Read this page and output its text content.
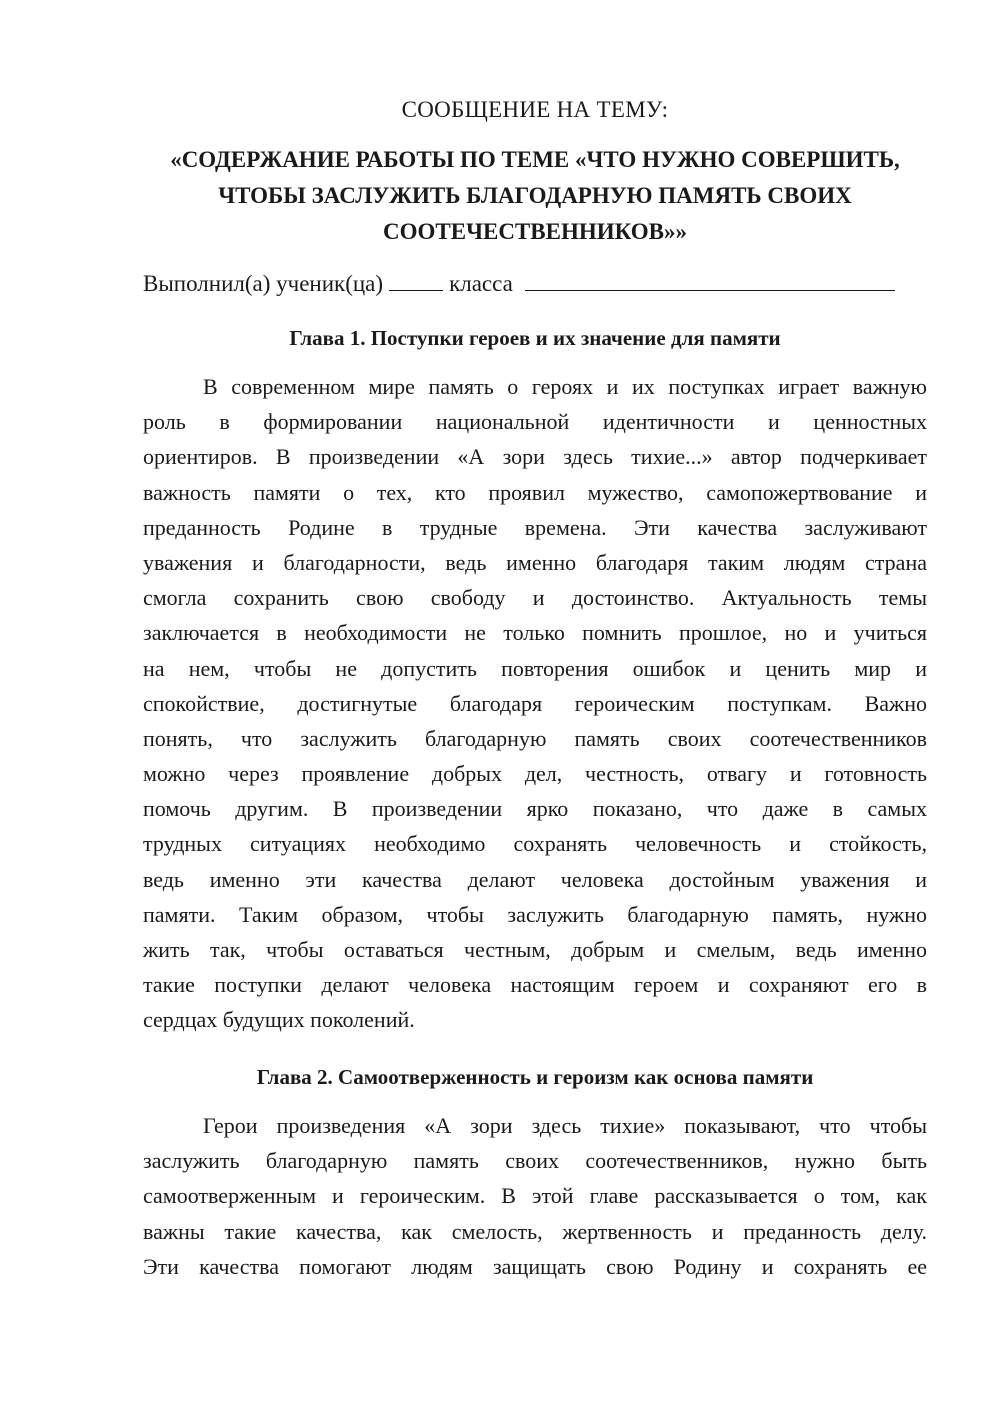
СООБЩЕНИЕ НА ТЕМУ:
«СОДЕРЖАНИЕ РАБОТЫ ПО ТЕМЕ «ЧТО НУЖНО СОВЕРШИТЬ,
ЧТОБЫ ЗАСЛУЖИТЬ БЛАГОДАРНУЮ ПАМЯТЬ СВОИХ
СООТЕЧЕСТВЕННИКОВ»»
Выполнил(а) ученик(ца)	класса
Глава 1. Поступки героев и их значение для памяти
В современном мире память о героях и их поступках играет важную
роль в формировании национальной идентичности и ценностных
ориентиров. В произведении «А зори здесь тихие...» автор подчеркивает
важность памяти о тех, кто проявил мужество, самопожертвование и
преданность Родине в трудные времена. Эти качества заслуживают
уважения и благодарности, ведь именно благодаря таким людям страна
смогла сохранить свою свободу и достоинство. Актуальность темы
заключается в необходимости не только помнить прошлое, но и учиться
на нем, чтобы не допустить повторения ошибок и ценить мир и
спокойствие, достигнутые благодаря героическим поступкам. Важно
понять, что заслужить благодарную память своих соотечественников
можно через проявление добрых дел, честность, отвагу и готовность
помочь другим. В произведении ярко показано, что даже в самых
трудных ситуациях необходимо сохранять человечность и стойкость,
ведь именно эти качества делают человека достойным уважения и
памяти. Таким образом, чтобы заслужить благодарную память, нужно
жить так, чтобы оставаться честным, добрым и смелым, ведь именно
такие поступки делают человека настоящим героем и сохраняют его в
сердцах будущих поколений.
Глава 2. Самоотверженность и героизм как основа памяти
Герои произведения «А зори здесь тихие» показывают, что чтобы
заслужить благодарную память своих соотечественников, нужно быть
самоотверженным и героическим. В этой главе рассказывается о том, как
важны такие качества, как смелость, жертвенность и преданность делу.
Эти качества помогают людям защищать свою Родину и сохранять ее
